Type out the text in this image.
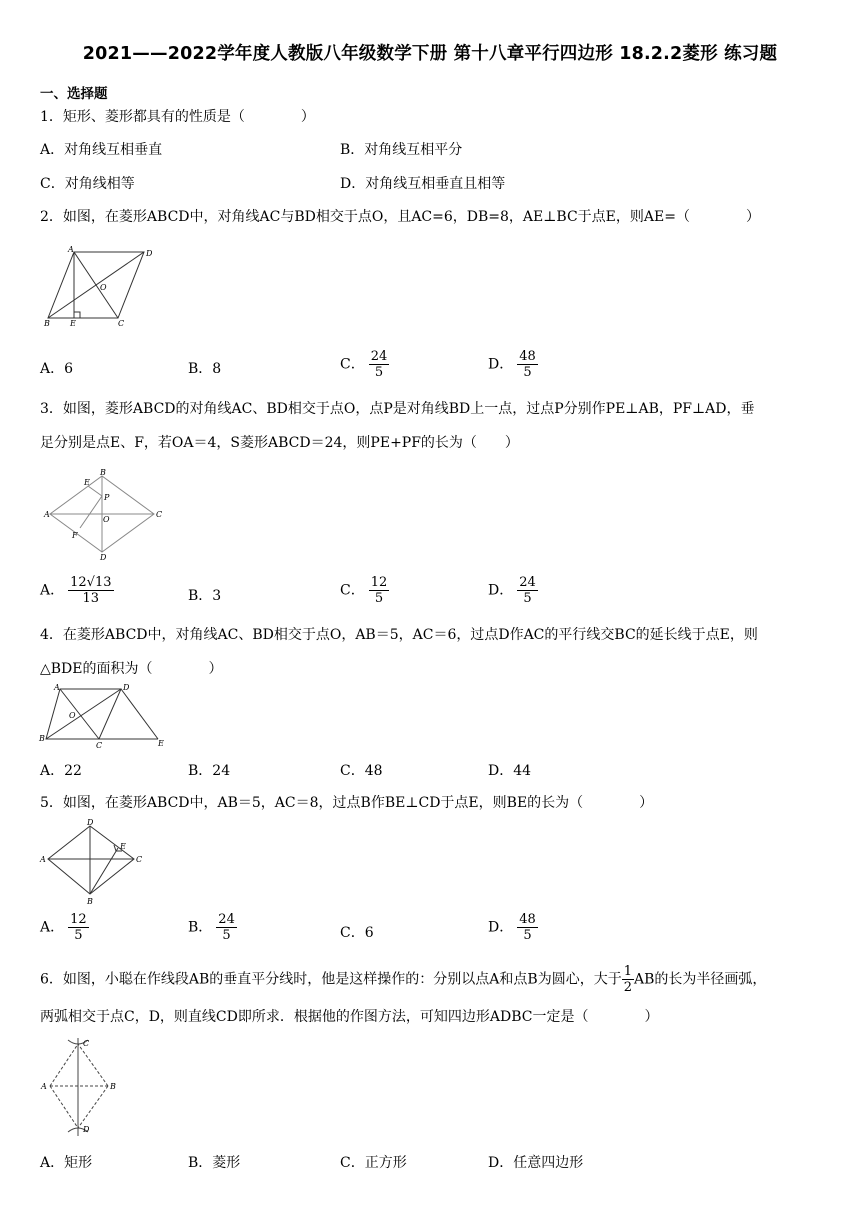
2021——2022学年度人教版八年级数学下册 第十八章平行四边形 18.2.2菱形 练习题
一、选择题
1．矩形、菱形都具有的性质是（　　　　）
A．对角线互相垂直	B．对角线互相平分
C．对角线相等	D．对角线互相垂直且相等
2．如图，在菱形ABCD中，对角线AC与BD相交于点O，且AC=6，DB=8，AE⊥BC于点E，则AE=（　　　　）
A	D
O
B	E	C
A．6	B．8	C． $\frac{24}{5}$	D． $\frac{48}{5}$
3．如图，菱形ABCD的对角线AC、BD相交于点O，点P是对角线BD上一点，过点P分别作PE⊥AB，PF⊥AD，垂
足分别是点E、F，若OA＝4，S菱形ABCD＝24，则PE+PF的长为（　　）
B
E
P
A
O
C
F
D
A． $\frac{12√13}{13}$	B．3	C． $\frac{12}{5}$	D． $\frac{24}{5}$
4．在菱形ABCD中，对角线AC、BD相交于点O，AB＝5，AC＝6，过点D作AC的平行线交BC的延长线于点E，则
△BDE的面积为（　　　　）
A	D
O
B
C	E
A．22	B．24	C．48	D．44
5．如图，在菱形ABCD中，AB＝5，AC＝8，过点B作BE⊥CD于点E，则BE的长为（　　　　）
D
E
A	C
B
A． $\frac{12}{5}$	B． $\frac{24}{5}$	C．6	D． $\frac{48}{5}$
6．如图，小聪在作线段AB的垂直平分线时，他是这样操作的：分别以点A和点B为圆心，大于 $\frac{1}{2}$ AB的长为半径画弧，
两弧相交于点C，D，则直线CD即所求．根据他的作图方法，可知四边形ADBC一定是（　　　　）
C
A	B
D
A．矩形	B．菱形	C．正方形	D．任意四边形
